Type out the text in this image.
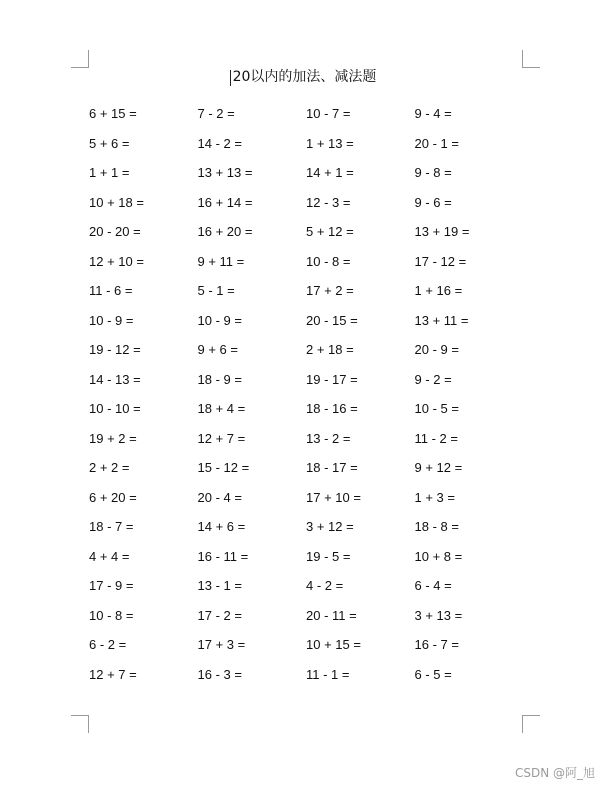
20以内的加法、减法题
6 + 15 =	7 - 2 =	10 - 7 =	9 - 4 =
5 + 6 =	14 - 2 =	1 + 13 =	20 - 1 =
1 + 1 =	13 + 13 =	14 + 1 =	9 - 8 =
10 + 18 =	16 + 14 =	12 - 3 =	9 - 6 =
20 - 20 =	16 + 20 =	5 + 12 =	13 + 19 =
12 + 10 =	9 + 11 =	10 - 8 =	17 - 12 =
11 - 6 =	5 - 1 =	17 + 2 =	1 + 16 =
10 - 9 =	10 - 9 =	20 - 15 =	13 + 11 =
19 - 12 =	9 + 6 =	2 + 18 =	20 - 9 =
14 - 13 =	18 - 9 =	19 - 17 =	9 - 2 =
10 - 10 =	18 + 4 =	18 - 16 =	10 - 5 =
19 + 2 =	12 + 7 =	13 - 2 =	11 - 2 =
2 + 2 =	15 - 12 =	18 - 17 =	9 + 12 =
6 + 20 =	20 - 4 =	17 + 10 =	1 + 3 =
18 - 7 =	14 + 6 =	3 + 12 =	18 - 8 =
4 + 4 =	16 - 11 =	19 - 5 =	10 + 8 =
17 - 9 =	13 - 1 =	4 - 2 =	6 - 4 =
10 - 8 =	17 - 2 =	20 - 11 =	3 + 13 =
6 - 2 =	17 + 3 =	10 + 15 =	16 - 7 =
12 + 7 =	16 - 3 =	11 - 1 =	6 - 5 =
CSDN @阿_旭
